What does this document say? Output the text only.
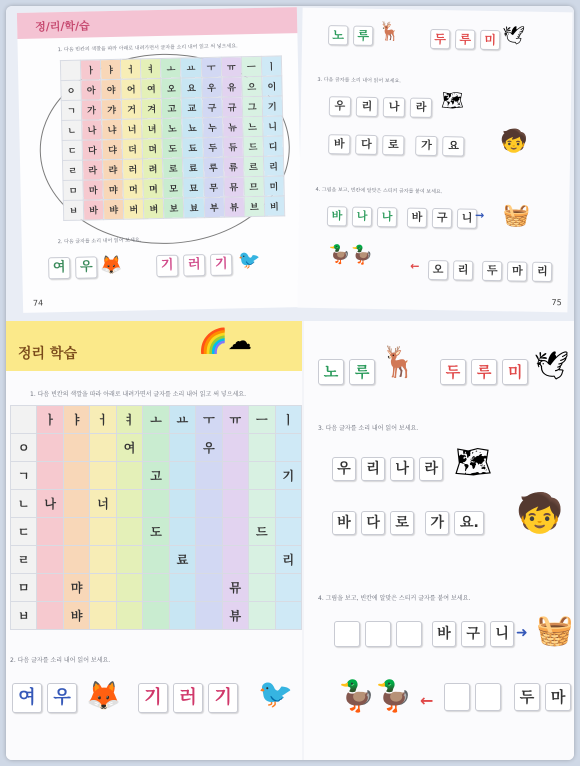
정/리/학/습
1. 다음 빈칸의 색깔을 따라 아래로 내려가면서 글자를 소리 내어 읽고 써 넣으세요.
	ㅏ	ㅑ	ㅓ	ㅕ	ㅗ	ㅛ	ㅜ	ㅠ	ㅡ	ㅣ
ㅇ	아	야	어	여	오	요	우	유	으	이
ㄱ	가	갸	거	겨	고	교	구	규	그	기
ㄴ	나	냐	너	녀	노	뇨	누	뉴	느	니
ㄷ	다	댜	더	뎌	도	됴	두	듀	드	디
ㄹ	라	랴	러	려	로	료	루	류	르	리
ㅁ	마	먀	머	며	모	묘	무	뮤	므	미
ㅂ	바	뱌	버	벼	보	뵤	부	뷰	브	비
2. 다음 글자를 소리 내어 읽어 보세요.
여 우 🦊	기 러 기 🐦
74
노 루 🦌	두 루 미 🕊
3. 다음 글자를 소리 내어 읽어 보세요.
우 리 나 라 🗺
바 다 로 가 요 🧒
4. 그림을 보고, 빈칸에 알맞은 스티커 글자를 붙여 보세요.
바 나 나	바 구 니 → 🧺
🦆🦆
←	오 리 두 마 리
75
정리 학습	🌈☁
1. 다음 빈칸의 색깔을 따라 아래로 내려가면서 글자를 소리 내어 읽고 써 넣으세요.
	ㅏ	ㅑ	ㅓ	ㅕ	ㅗ	ㅛ	ㅜ	ㅠ	ㅡ	ㅣ
ㅇ				여			우			
ㄱ					고					기
ㄴ	나		너							
ㄷ					도				드	
ㄹ						료				리
ㅁ		먀						뮤		
ㅂ		뱌						뷰		
2. 다음 글자를 소리 내어 읽어 보세요.
여 우 🦊	기 러 기 🐦
노 루 🦌	두 루 미 🕊
3. 다음 글자를 소리 내어 읽어 보세요.
우 리 나 라 🗺
바 다 로 가 요. 🧒
4. 그림을 보고, 빈칸에 알맞은 스티커 글자를 붙여 보세요.

바 구 니 ➜ 🧺
🦆🦆 ←
	두 마
